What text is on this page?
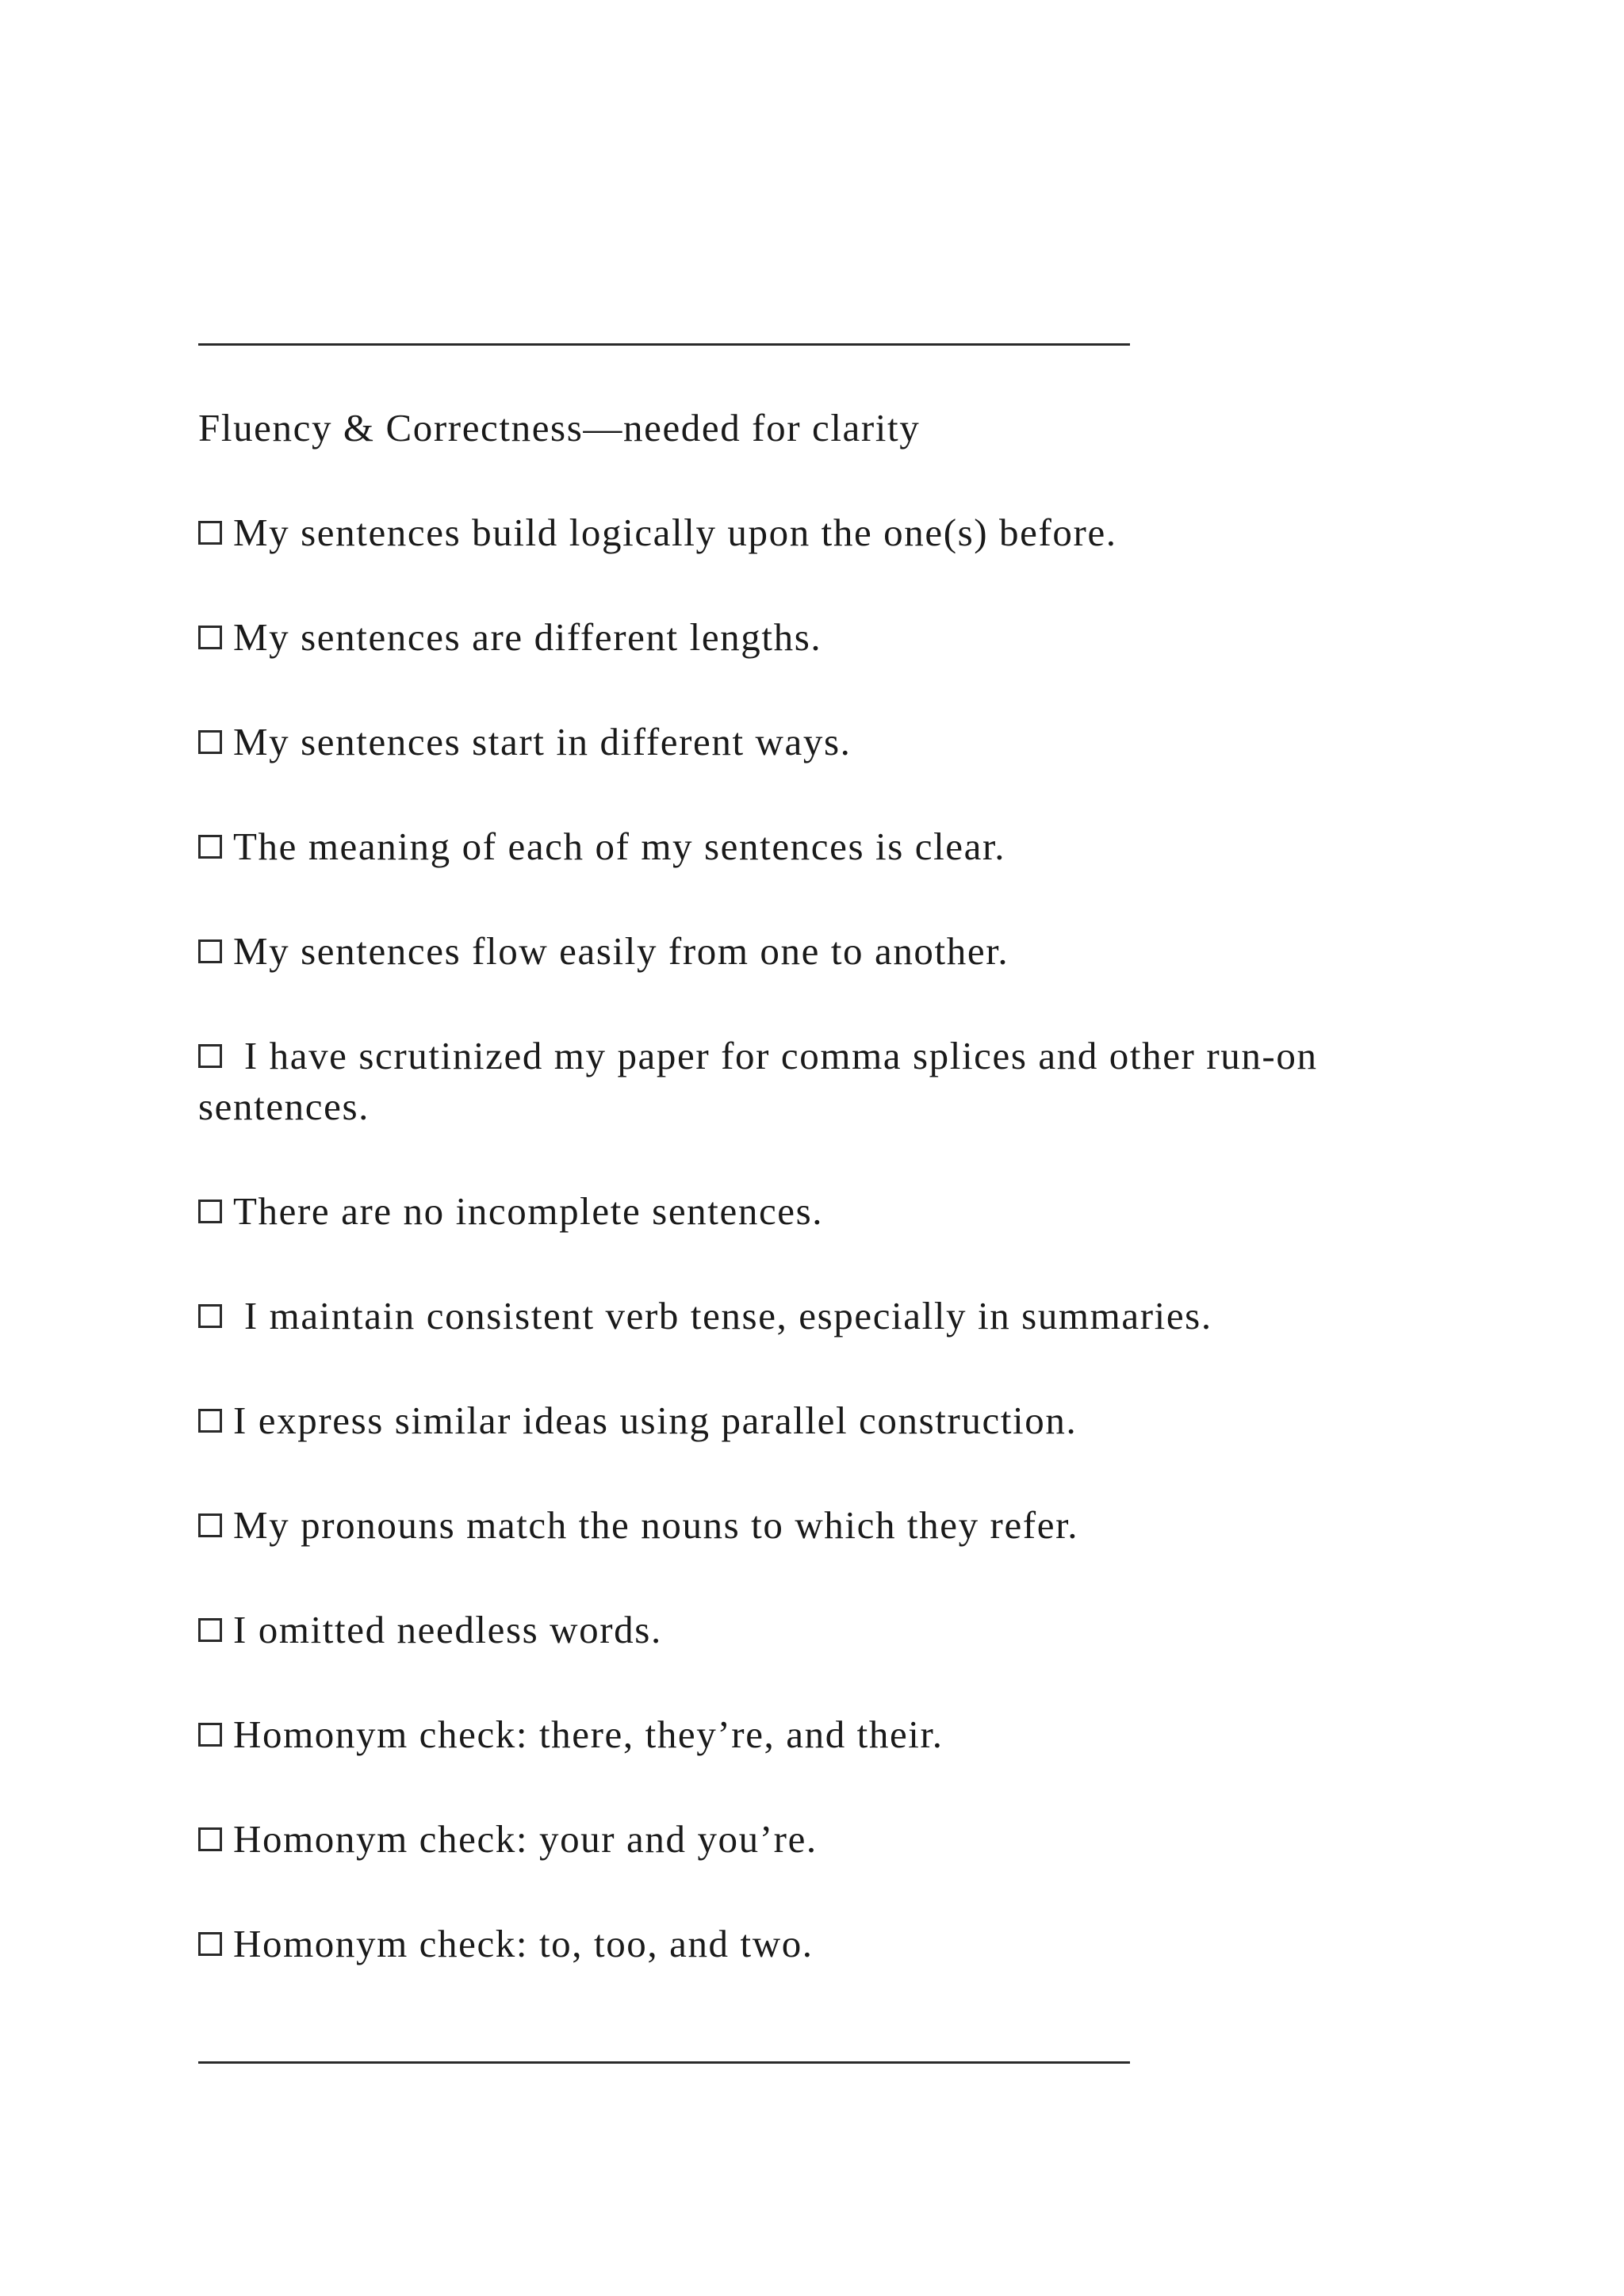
Fluency & Correctness—needed for clarity
My sentences build logically upon the one(s) before.
My sentences are different lengths.
My sentences start in different ways.
The meaning of each of my sentences is clear.
My sentences flow easily from one to another.
I have scrutinized my paper for comma splices and other run-on sentences.
There are no incomplete sentences.
I maintain consistent verb tense, especially in summaries.
I express similar ideas using parallel construction.
My pronouns match the nouns to which they refer.
I omitted needless words.
Homonym check: there, they’re, and their.
Homonym check: your and you’re.
Homonym check: to, too, and two.
